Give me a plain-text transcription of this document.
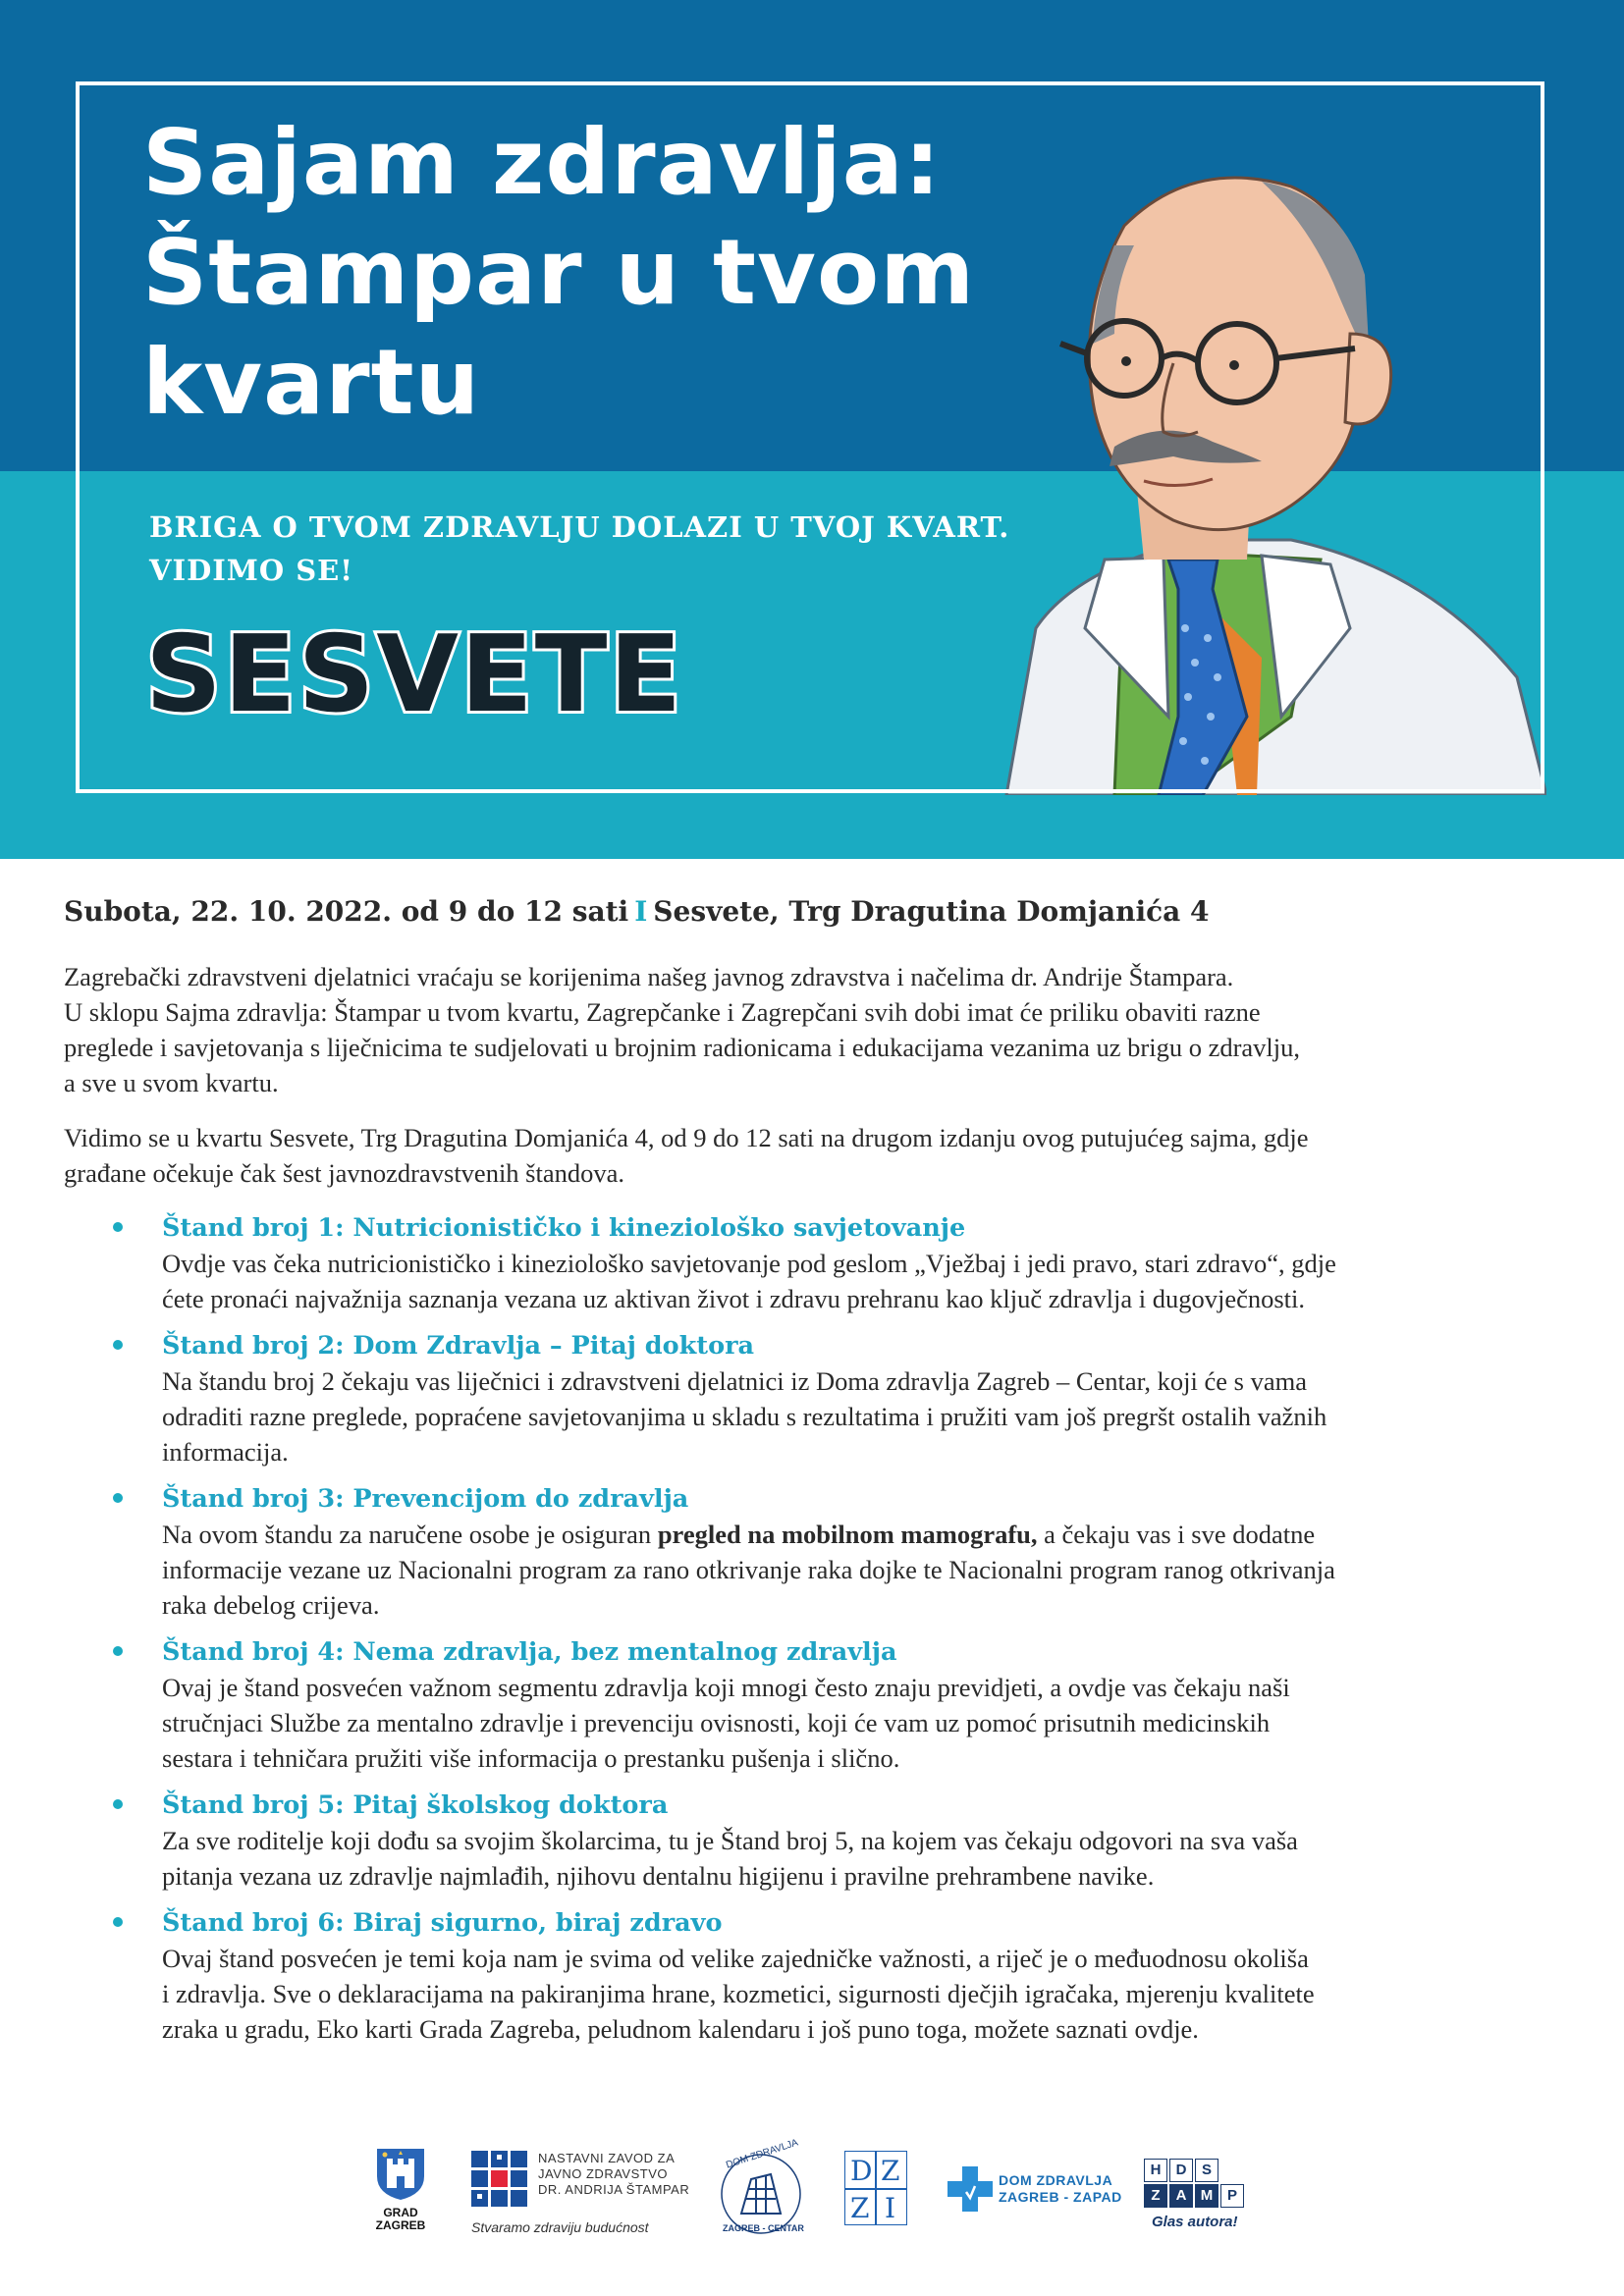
Sajam zdravlja:
Štampar u tvom
kvartu
BRIGA O TVOM ZDRAVLJU DOLAZI U TVOJ KVART.
VIDIMO SE!
SESVETE

Subota, 22. 10. 2022. od 9 do 12 sati I Sesvete, Trg Dragutina Domjanića 4

Zagrebački zdravstveni djelatnici vraćaju se korijenima našeg javnog zdravstva i načelima dr. Andrije Štampara.
U sklopu Sajma zdravlja: Štampar u tvom kvartu, Zagrepčanke i Zagrepčani svih dobi imat će priliku obaviti razne
preglede i savjetovanja s liječnicima te sudjelovati u brojnim radionicama i edukacijama vezanima uz brigu o zdravlju,
a sve u svom kvartu.

Vidimo se u kvartu Sesvete, Trg Dragutina Domjanića 4, od 9 do 12 sati na drugom izdanju ovog putujućeg sajma, gdje
građane očekuje čak šest javnozdravstvenih štandova.

Štand broj 1: Nutricionističko i kineziološko savjetovanje
Ovdje vas čeka nutricionističko i kineziološko savjetovanje pod geslom „Vježbaj i jedi pravo, stari zdravo“, gdje
ćete pronaći najvažnija saznanja vezana uz aktivan život i zdravu prehranu kao ključ zdravlja i dugovječnosti.
Štand broj 2: Dom Zdravlja – Pitaj doktora
Na štandu broj 2 čekaju vas liječnici i zdravstveni djelatnici iz Doma zdravlja Zagreb – Centar, koji će s vama
odraditi razne preglede, popraćene savjetovanjima u skladu s rezultatima i pružiti vam još pregršt ostalih važnih
informacija.
Štand broj 3: Prevencijom do zdravlja
Na ovom štandu za naručene osobe je osiguran pregled na mobilnom mamografu, a čekaju vas i sve dodatne
informacije vezane uz Nacionalni program za rano otkrivanje raka dojke te Nacionalni program ranog otkrivanja
raka debelog crijeva.
Štand broj 4: Nema zdravlja, bez mentalnog zdravlja
Ovaj je štand posvećen važnom segmentu zdravlja koji mnogi često znaju previdjeti, a ovdje vas čekaju naši
stručnjaci Službe za mentalno zdravlje i prevenciju ovisnosti, koji će vam uz pomoć prisutnih medicinskih
sestara i tehničara pružiti više informacija o prestanku pušenja i slično.
Štand broj 5: Pitaj školskog doktora
Za sve roditelje koji dođu sa svojim školarcima, tu je Štand broj 5, na kojem vas čekaju odgovori na sva vaša
pitanja vezana uz zdravlje najmlađih, njihovu dentalnu higijenu i pravilne prehrambene navike.
Štand broj 6: Biraj sigurno, biraj zdravo
Ovaj štand posvećen je temi koja nam je svima od velike zajedničke važnosti, a riječ je o međuodnosu okoliša
i zdravlja. Sve o deklaracijama na pakiranjima hrane, kozmetici, sigurnosti dječjih igračaka, mjerenju kvalitete
zraka u gradu, Eko karti Grada Zagreba, peludnom kalendaru i još puno toga, možete saznati ovdje.
GRAD
ZAGREB
NASTAVNI ZAVOD ZA
JAVNO ZDRAVSTVO
DR. ANDRIJA ŠTAMPAR
Stvaramo zdraviju budućnost
DOM ZDRAVLJA
ZAGREB - CENTAR
D Z
Z I
DOM ZDRAVLJA
ZAGREB - ZAPAD
H	D	S
Z	A M P
Glas autora!
